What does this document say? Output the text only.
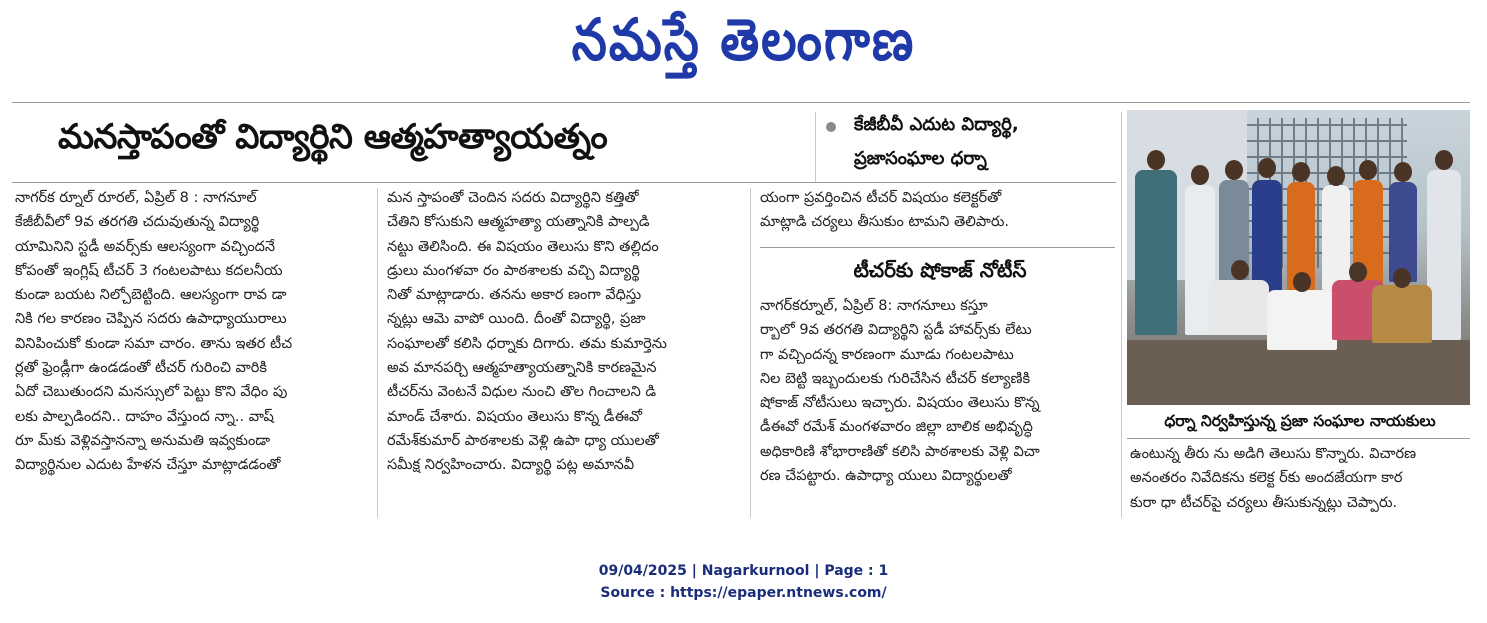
నమస్తే తెలంగాణ
మనస్తాపంతో విద్యార్థిని ఆత్మహత్యాయత్నం	కేజీబీవీ ఎదుట విద్యార్థి,
ప్రజాసంఘాల ధర్నా

నాగర్‌క ర్నూల్ రూరల్, ఏప్రిల్ 8 : నాగనూల్

కేజీబీవీలో 9వ తరగతి చదువుతున్న విద్యార్థి

యామినిని స్టడీ అవర్స్‌కు ఆలస్యంగా వచ్చిందనే

కోపంతో ఇంగ్లిష్ టీచర్ 3 గంటలపాటు కదలనీయ

కుండా బయట నిల్చోబెట్టింది. ఆలస్యంగా రావ డా

నికి గల కారణం చెప్పిన సదరు ఉపాధ్యాయురాలు

వినిపించుకో కుండా సమా చారం. తాను ఇతర టీచ

ర్లతో ఫ్రెండ్లీగా ఉండడంతో టీచర్ గురించి వారికి

ఏదో చెబుతుందని మనస్సులో పెట్టు కొని వేధిం పు

లకు పాల్పడిందని.. దాహం వేస్తుంద న్నా.. వాష్

రూ మ్‌కు వెళ్లివస్తానన్నా అనుమతి ఇవ్వకుండా

విద్యార్థినుల ఎదుట హేళన చేస్తూ మాట్లాడడంతో

మన స్తాపంతో చెందిన సదరు విద్యార్థిని కత్తితో

చేతిని కోసుకుని ఆత్మహత్యా యత్నానికి పాల్పడి

నట్టు తెలిసింది. ఈ విషయం తెలుసు కొని తల్లిదం

డ్రులు మంగళవా రం పాఠశాలకు వచ్చి విద్యార్థి

నితో మాట్లాడారు. తనను అకార ణంగా వేధిస్తు

న్నట్లు ఆమె వాపో యింది. దీంతో విద్యార్థి, ప్రజా

సంఘాలతో కలిసి ధర్నాకు దిగారు. తమ కుమార్తెను

అవ మానపర్చి ఆత్మహత్యాయత్నానికి కారణమైన

టీచర్‌ను వెంటనే విధుల నుంచి తొల గించాలని డి

మాండ్ చేశారు. విషయం తెలుసు కొన్న డీఈవో

రమేశ్‌కుమార్ పాఠశాలకు వెళ్లి ఉపా ధ్యా యులతో

సమీక్ష నిర్వహించారు. విద్యార్థి పట్ల అమానవీ

యంగా ప్రవర్తించిన టీచర్ విషయం కలెక్టర్‌తో

మాట్లాడి చర్యలు తీసుకుం టామని తెలిపారు.

టీచర్‌కు షోకాజ్ నోటీస్

నాగర్‌కర్నూల్, ఏప్రిల్ 8: నాగనూలు కస్తూ

ర్బాలో 9వ తరగతి విద్యార్థిని స్టడీ హావర్స్‌కు లేటు

గా వచ్చిందన్న కారణంగా మూడు గంటలపాటు

నిల బెట్టి ఇబ్బందులకు గురిచేసిన టీచర్ కల్యాణికి

షోకాజ్ నోటీసులు ఇచ్చారు. విషయం తెలుసు కొన్న

డీఈవో రమేశ్ మంగళవారం జిల్లా బాలిక అభివృద్ధి

అధికారిణి శోభారాణితో కలిసి పాఠశాలకు వెళ్లి విచా

రణ చేపట్టారు. ఉపాధ్యా యులు విద్యార్థులతో

ధర్నా నిర్వహిస్తున్న ప్రజా సంఘాల నాయకులు

ఉంటున్న తీరు ను అడిగి తెలుసు కొన్నారు. విచారణ

అనంతరం నివేదికను కలెక్ట ర్‌కు అందజేయగా కార

కురా ధా టీచర్‌పై చర్యలు తీసుకున్నట్లు చెప్పారు.

09/04/2025 | Nagarkurnool | Page : 1
Source : https://epaper.ntnews.com/
